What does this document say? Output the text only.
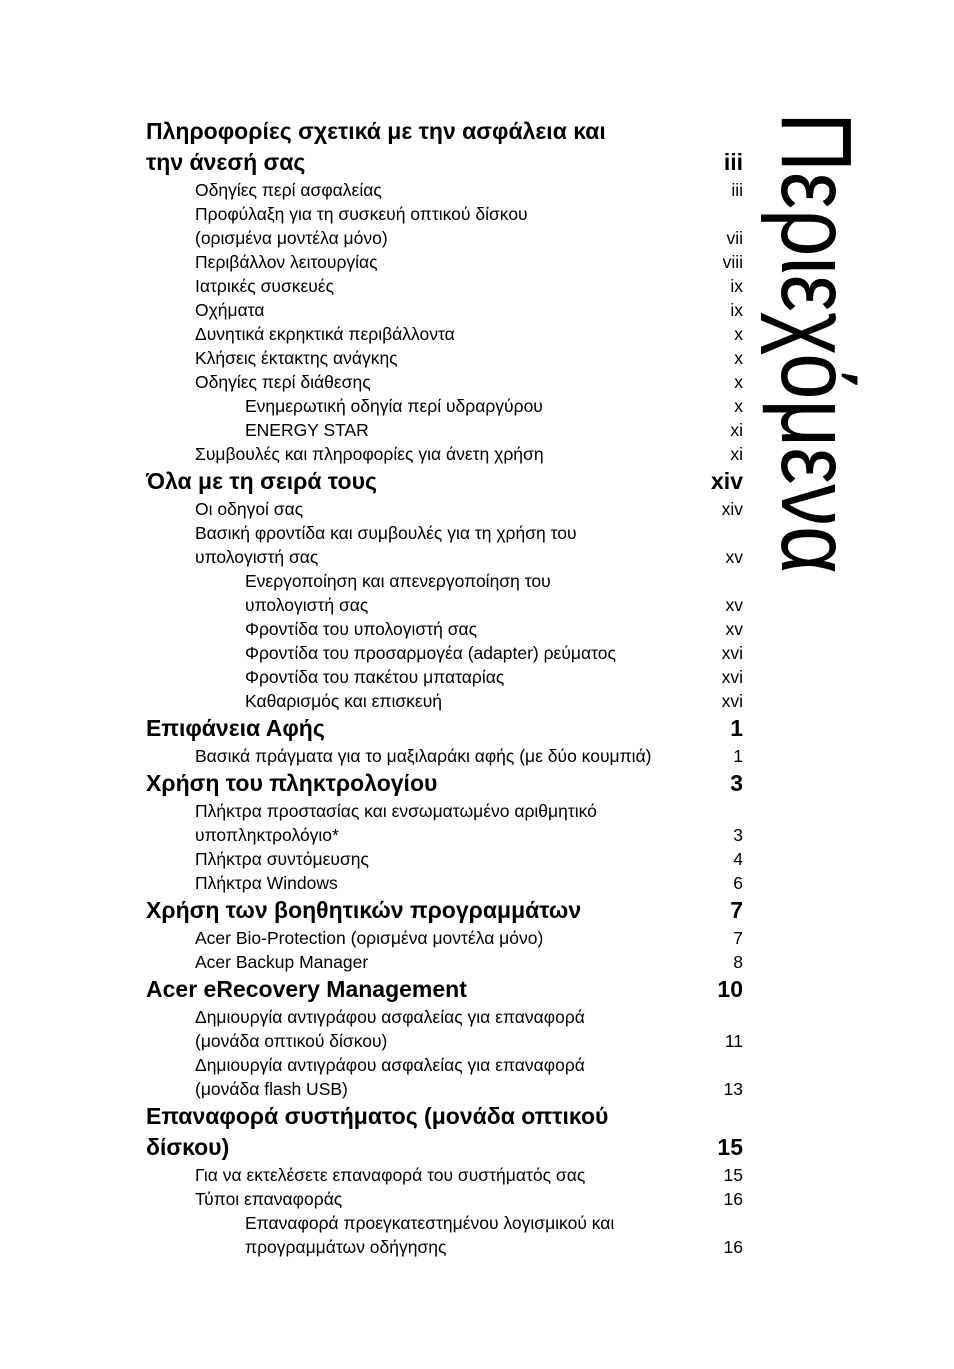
Πληροφορίες σχετικά με την ασφάλεια και
την άνεσή σας	iii
Οδηγίες περί ασφαλείας	iii
Προφύλαξη για τη συσκευή οπτικού δίσκου
(ορισμένα μοντέλα μόνο)	vii
Περιβάλλον λειτουργίας	viii
Ιατρικές συσκευές	ix
Οχήματα	ix
Δυνητικά εκρηκτικά περιβάλλοντα	x
Κλήσεις έκτακτης ανάγκης	x
Οδηγίες περί διάθεσης	x
Ενημερωτική οδηγία περί υδραργύρου	x
ENERGY STAR	xi
Συμβουλές και πληροφορίες για άνετη χρήση	xi
Όλα με τη σειρά τους	xiv
Οι οδηγοί σας	xiv
Βασική φροντίδα και συμβουλές για τη χρήση του
υπολογιστή σας	xv
Ενεργοποίηση και απενεργοποίηση του
υπολογιστή σας	xv
Φροντίδα του υπολογιστή σας	xv
Φροντίδα του προσαρμογέα (adapter) ρεύματος	xvi
Φροντίδα του πακέτου μπαταρίας	xvi
Καθαρισμός και επισκευή	xvi
Επιφάνεια Αφής	1
Βασικά πράγματα για το μαξιλαράκι αφής (με δύο κουμπιά)	1
Χρήση του πληκτρολογίου	3
Πλήκτρα προστασίας και ενσωματωμένο αριθμητικό
υποπληκτρολόγιο*	3
Πλήκτρα συντόμευσης	4
Πλήκτρα Windows	6
Χρήση των βοηθητικών προγραμμάτων	7
Acer Bio-Protection (ορισμένα μοντέλα μόνο)	7
Acer Backup Manager	8
Acer eRecovery Management	10
Δημιουργία αντιγράφου ασφαλείας για επαναφορά
(μονάδα οπτικού δίσκου)	11
Δημιουργία αντιγράφου ασφαλείας για επαναφορά
(μονάδα flash USB)	13
Επαναφορά συστήματος (μονάδα οπτικού
δίσκου)	15
Για να εκτελέσετε επαναφορά του συστήματός σας	15
Τύποι επαναφοράς	16
Επαναφορά προεγκατεστημένου λογισμικού και
προγραμμάτων οδήγησης	16
Περιεχόμενα
